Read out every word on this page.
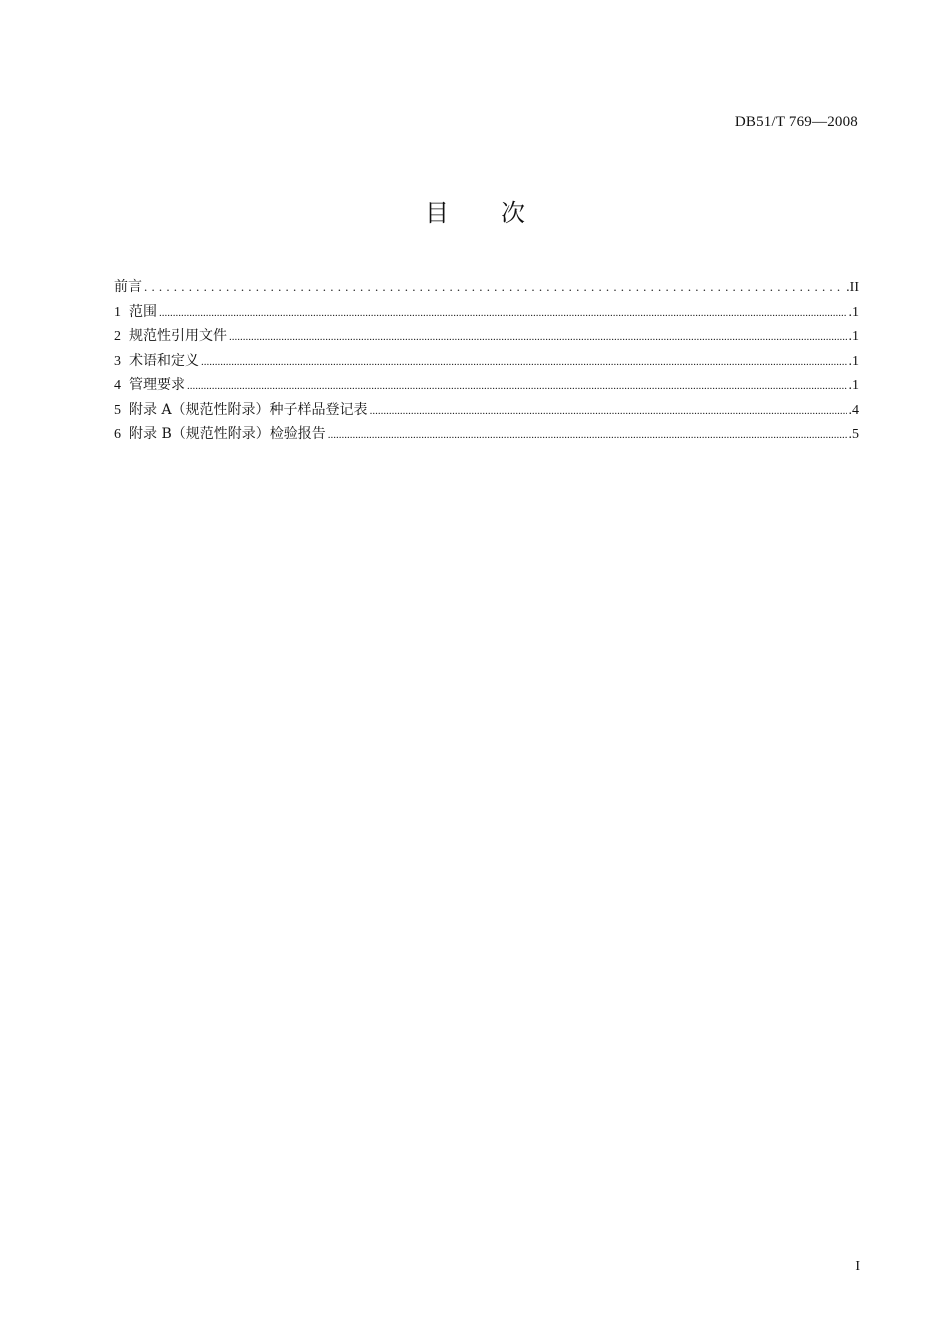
DB51/T 769—2008
目 次
前言 .....	.II
1 范围 .....	.1
2 规范性引用文件 .....	.1
3 术语和定义 .....	.1
4 管理要求 .....	.1
5 附录 A（规范性附录）种子样品登记表 .....	.4
6 附录 B（规范性附录）检验报告 .....	.5
I
